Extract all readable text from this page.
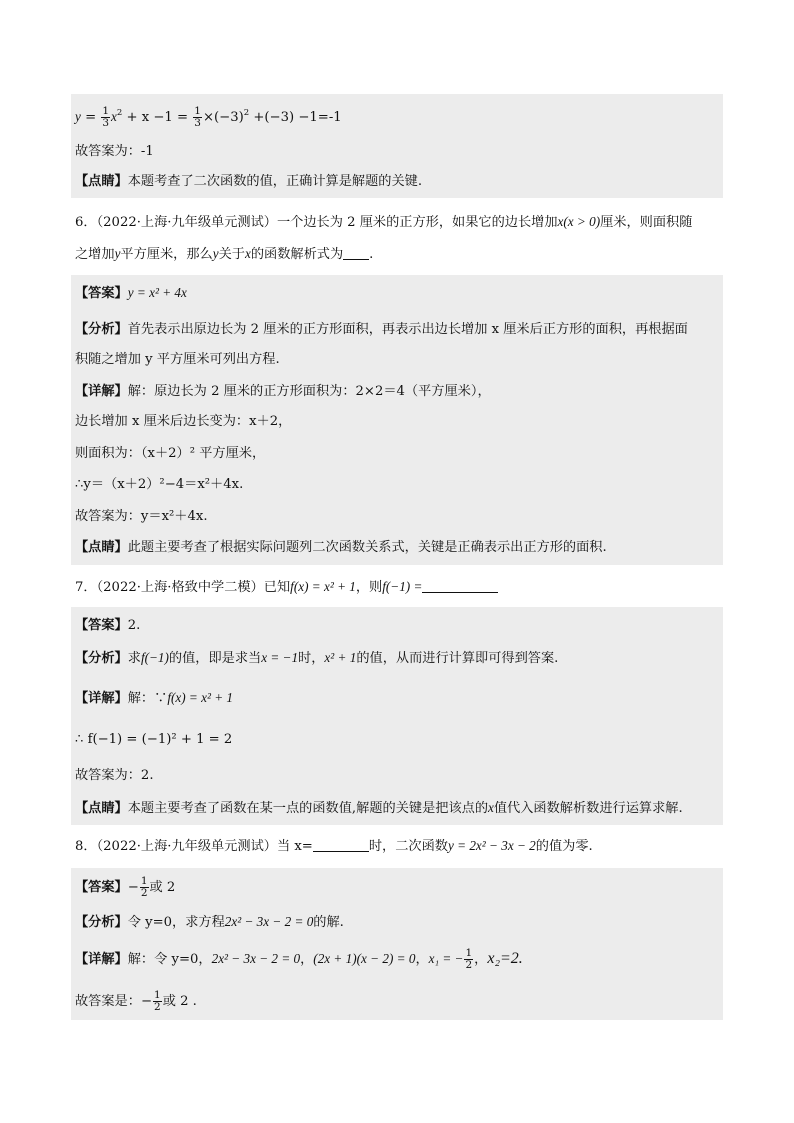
$y = \frac{1}{3} x^2 + x -1 = \frac{1}{3} \times(-3)^2 +(-3) -1=-1$
故答案为：-1
【点睛】本题考查了二次函数的值，正确计算是解题的关键.
6．（2022·上海·九年级单元测试）一个边长为 2 厘米的正方形，如果它的边长增加x(x > 0)厘米，则面积随
之增加y平方厘米，那么y关于x的函数解析式为 .
【答案】y = x² + 4x
【分析】首先表示出原边长为 2 厘米的正方形面积，再表示出边长增加 x 厘米后正方形的面积，再根据面
积随之增加 y 平方厘米可列出方程.
【详解】解：原边长为 2 厘米的正方形面积为：2×2＝4（平方厘米），
边长增加 x 厘米后边长变为：x＋2，
则面积为：（x＋2）² 平方厘米，
∴y＝（x＋2）²−4＝x²＋4x.
故答案为：y＝x²＋4x.
【点睛】此题主要考查了根据实际问题列二次函数关系式，关键是正确表示出正方形的面积.
7．（2022·上海·格致中学二模）已知f(x) = x² + 1，则f(−1) =
【答案】2.
【分析】求f(−1)的值，即是求当x = −1时，x² + 1的值，从而进行计算即可得到答案.
【详解】解：∵f(x) = x² + 1
∴ f(−1) = (−1)² + 1 = 2
故答案为：2.
【点睛】本题主要考查了函数在某一点的函数值,解题的关键是把该点的x值代入函数解析数进行运算求解.
8．（2022·上海·九年级单元测试）当 x=	时，二次函数y = 2x² − 3x − 2的值为零.
【答案】− $\frac{1}{2}$ 或 2
【分析】令 y=0，求方程2x² − 3x − 2 = 0的解.
【详解】解：令 y=0，2x² − 3x − 2 = 0，(2x + 1)(x − 2) = 0，x₁ = − $\frac{1}{2}$ ，x₂=2.
故答案是：− $\frac{1}{2}$ 或 2 .
